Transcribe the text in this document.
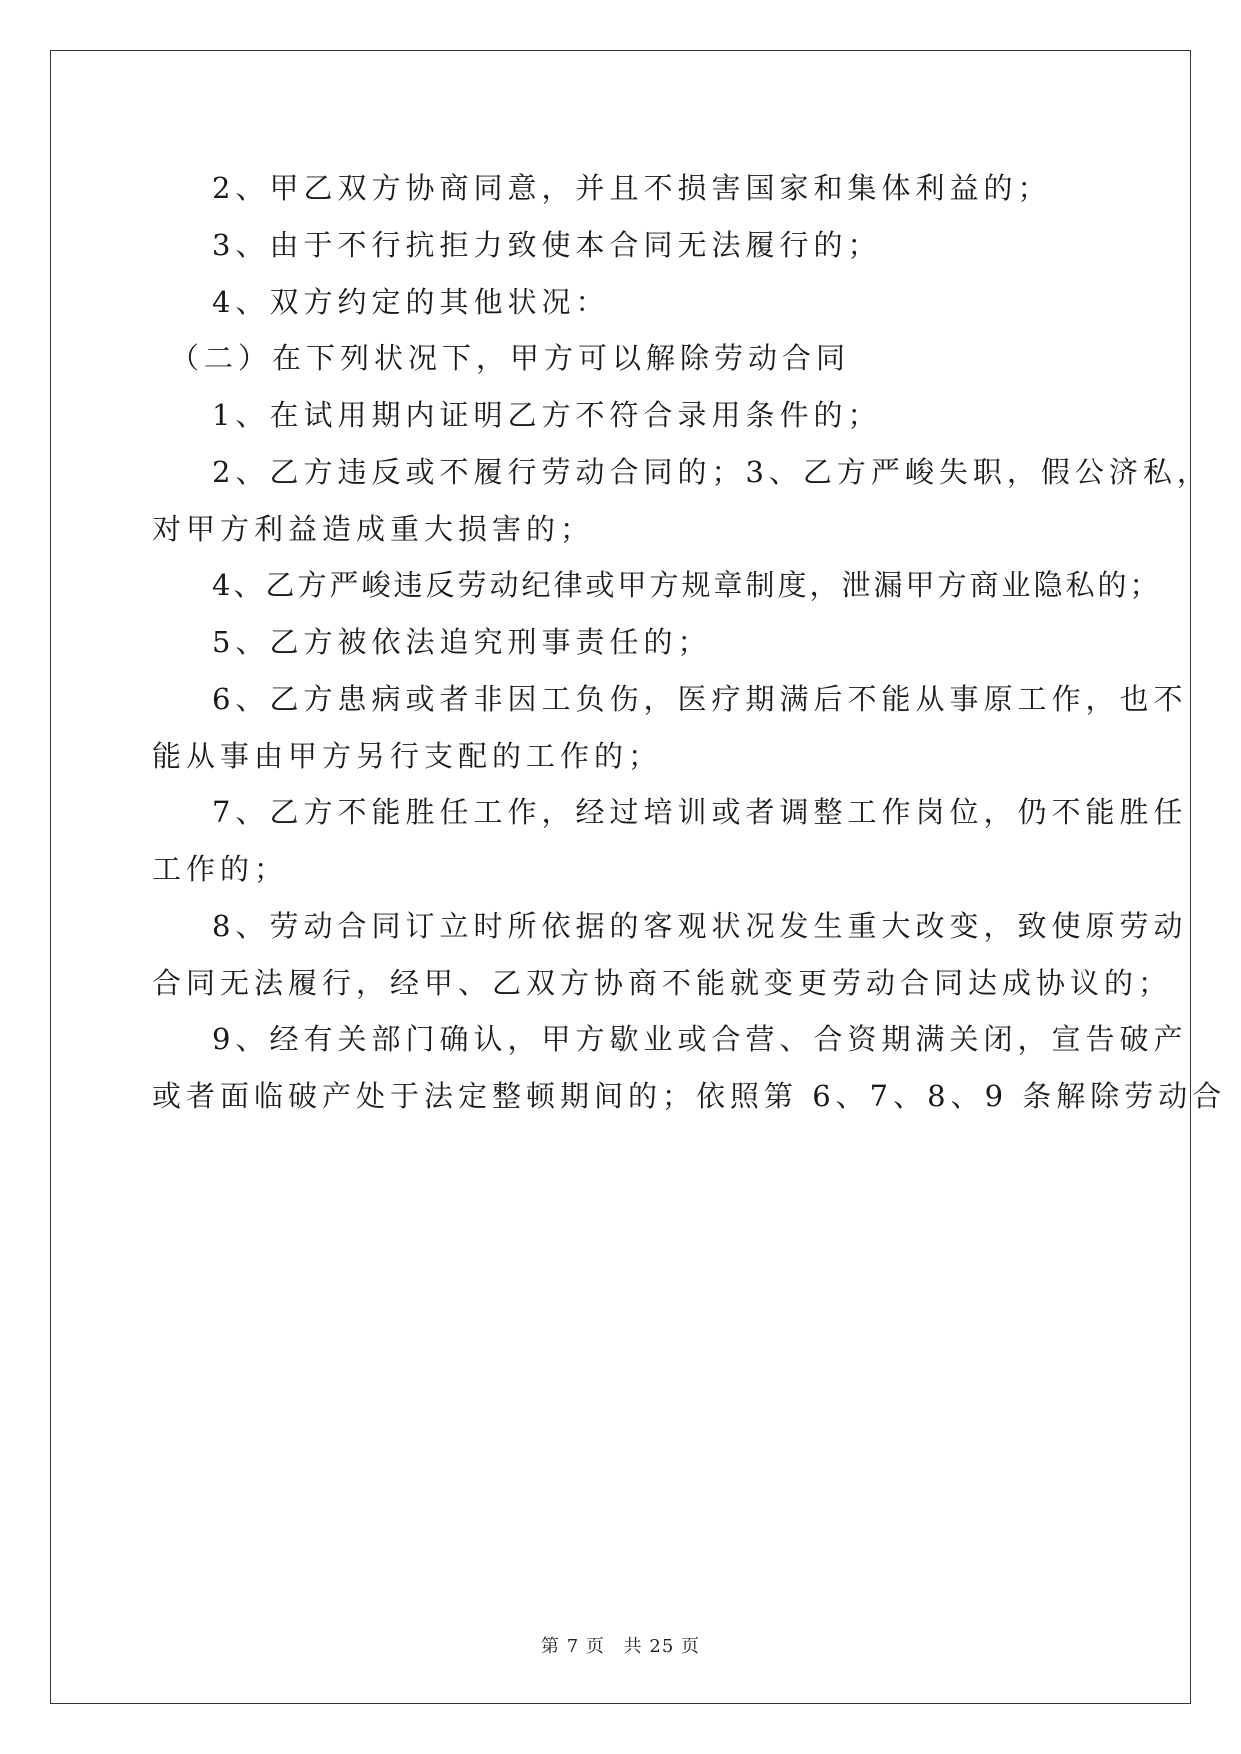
2、甲乙双方协商同意，并且不损害国家和集体利益的；
3、由于不行抗拒力致使本合同无法履行的；
4、双方约定的其他状况：
（二）在下列状况下，甲方可以解除劳动合同
1、在试用期内证明乙方不符合录用条件的；
2、乙方违反或不履行劳动合同的；3、乙方严峻失职，假公济私，
对甲方利益造成重大损害的；
4、乙方严峻违反劳动纪律或甲方规章制度，泄漏甲方商业隐私的；
5、乙方被依法追究刑事责任的；
6、乙方患病或者非因工负伤，医疗期满后不能从事原工作，也不
能从事由甲方另行支配的工作的；
7、乙方不能胜任工作，经过培训或者调整工作岗位，仍不能胜任
工作的；
8、劳动合同订立时所依据的客观状况发生重大改变，致使原劳动
合同无法履行，经甲、乙双方协商不能就变更劳动合同达成协议的；
9、经有关部门确认，甲方歇业或合营、合资期满关闭，宣告破产
或者面临破产处于法定整顿期间的；依照第 6、7、8、9 条解除劳动合
第 7 页 共 25 页
